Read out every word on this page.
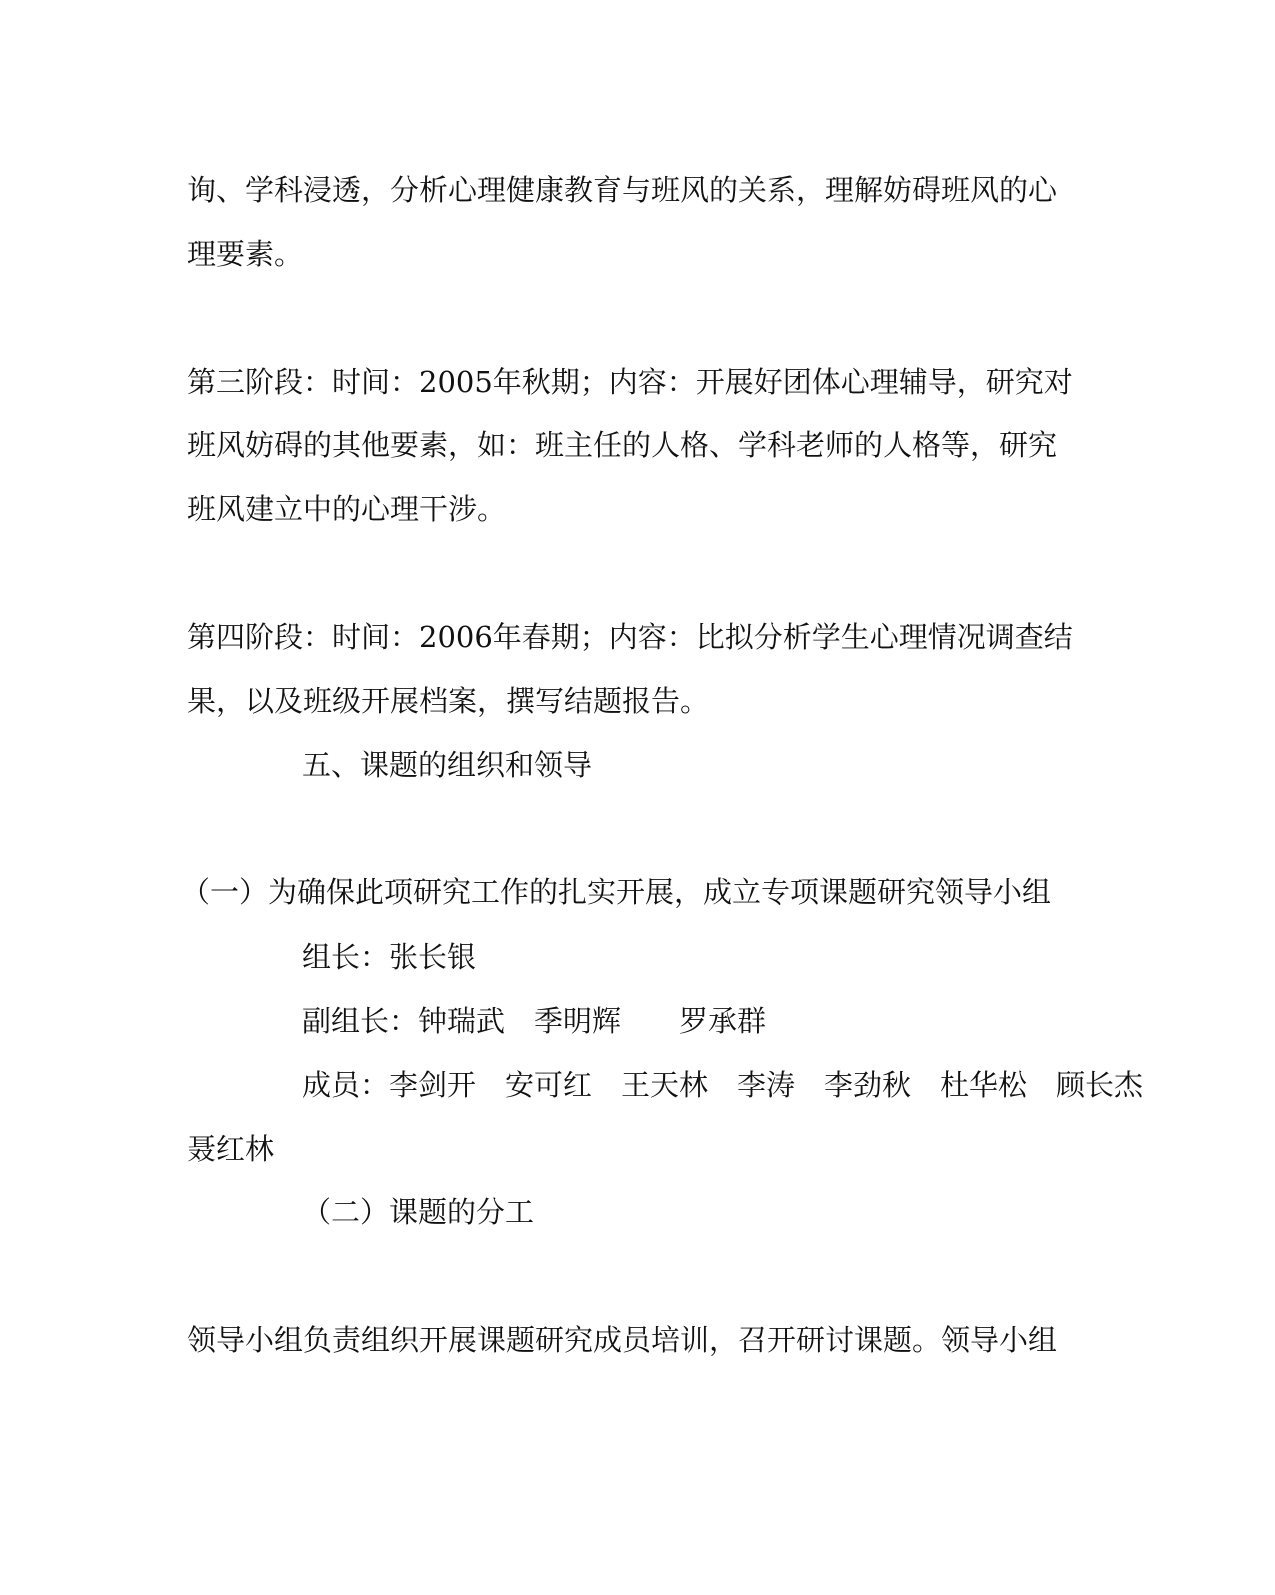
询、学科浸透，分析心理健康教育与班风的关系，理解妨碍班风的心

理要素。

第三阶段：时间：2005年秋期；内容：开展好团体心理辅导，研究对

班风妨碍的其他要素，如：班主任的人格、学科老师的人格等，研究

班风建立中的心理干涉。

第四阶段：时间：2006年春期；内容：比拟分析学生心理情况调查结

果，以及班级开展档案，撰写结题报告。

五、课题的组织和领导

（一）为确保此项研究工作的扎实开展，成立专项课题研究领导小组

组长：张长银

副组长：钟瑞武　季明辉　　罗承群

成员：李剑开　安可红　王天林　李涛　李劲秋　杜华松　顾长杰

聂红林

（二）课题的分工

领导小组负责组织开展课题研究成员培训，召开研讨课题。领导小组
